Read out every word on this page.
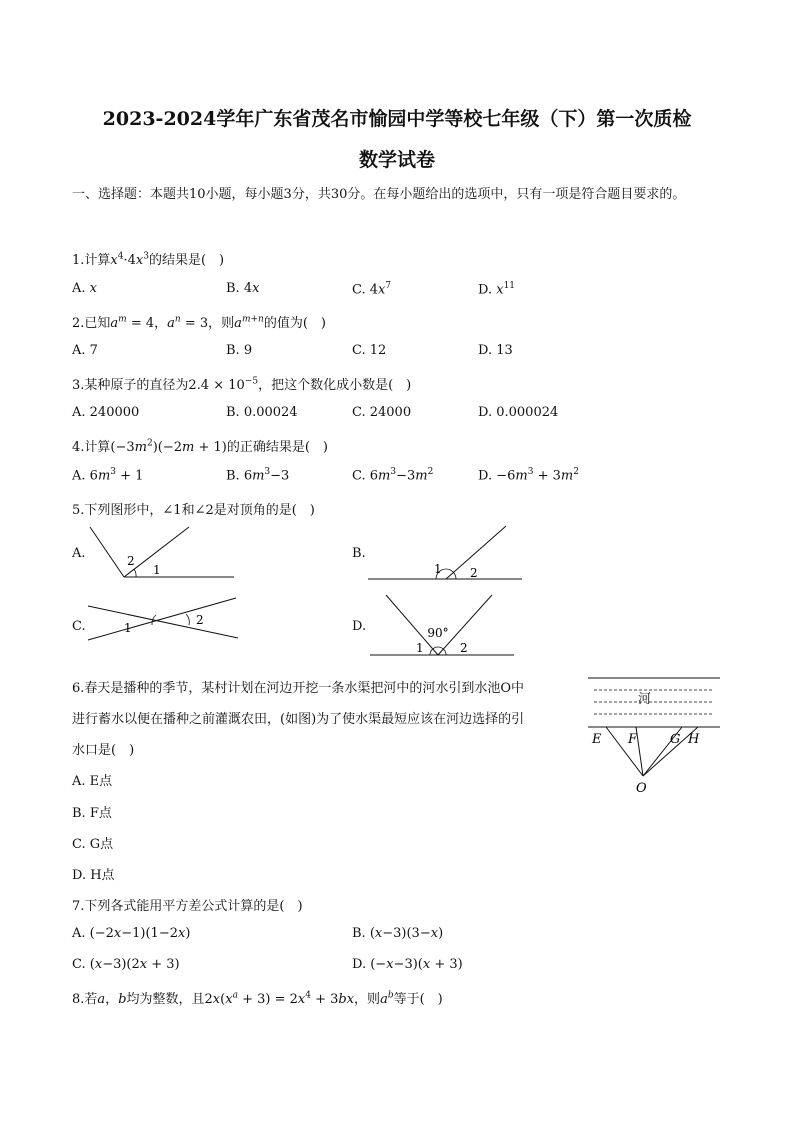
2023-2024学年广东省茂名市愉园中学等校七年级（下）第一次质检
数学试卷
一、选择题：本题共10小题，每小题3分，共30分。在每小题给出的选项中，只有一项是符合题目要求的。
1.计算$x^4\cdot 4x^3$的结果是(　)
A. x	B. 4x	C. $4x^7$	D. $x^{11}$
2.已知$a^m = 4$，$a^n = 3$，则$a^{m+n}$的值为(　)
A. 7	B. 9	C. 12	D. 13
3.某种原子的直径为$2.4 \times 10^{-5}$，把这个数化成小数是(　)
A. 240000	B. 0.00024	C. 24000	D. 0.000024
4.计算$(-3m^2)(-2m + 1)$的正确结果是(　)
A. $6m^3 + 1$	B. $6m^3-3$	C. $6m^3-3m^2$	D. $-6m^3 + 3m^2$
5.下列图形中，∠1和∠2是对顶角的是(　)
A.	2
1
B.
1 2
C.	1
2	D.	90°
1	2
6.春天是播种的季节，某村计划在河边开挖一条水渠把河中的河水引到水池O中
进行蓄水以便在播种之前灌溉农田，(如图)为了使水渠最短应该在河边选择的引
水口是(　)
A. E点
B. F点
C. G点
D. H点
河
E F	G H
O
7.下列各式能用平方差公式计算的是(　)
A. (−2x−1)(1−2x)	B. (x−3)(3−x)
C. (x−3)(2x + 3)	D. (−x−3)(x + 3)
8.若a，b均为整数，且$2x(x^a + 3) = 2x^4 + 3bx$，则$a^b$等于(　)
